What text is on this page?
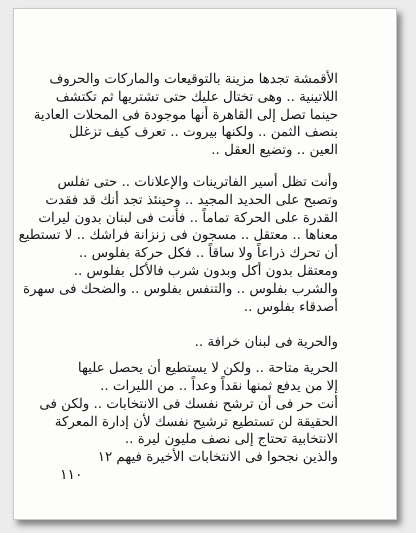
الأقمشة تجدها مزينة بالتوقيعات والماركات والحروف
اللاتينية .. وهى تختال عليك حتى تشتريها ثم تكتشف
حينما تصل إلى القاهرة أنها موجودة فى المحلات العادية
بنصف الثمن .. ولكنها بيروت .. تعرف كيف تزغلل
العين .. وتضيع العقل ..

وأنت تظل أسير الفاترينات والإعلانات .. حتى تفلس
وتصبح على الحديد المجيد .. وحينئذ تجد أنك قد فقدت
القدرة على الحركة تماماً .. فأنت فى لبنان بدون ليرات
معناها .. معتقل .. مسجون فى زنزانة فراشك .. لا تستطيع
أن تحرك ذراعاً ولا ساقاً .. فكل حركة بفلوس ..
ومعتقل بدون أكل وبدون شرب فالأكل بفلوس ..
والشرب بفلوس .. والتنفس بفلوس .. والضحك فى سهرة
أصدقاء بفلوس ..

والحرية فى لبنان خرافة ..

الحرية متاحة .. ولكن لا يستطيع أن يحصل عليها
إلا من يدفع ثمنها نقداً وعداً .. من الليرات ..

أنت حر فى أن ترشح نفسك فى الانتخابات .. ولكن فى
الحقيقة لن تستطيع ترشيح نفسك لأن إدارة المعركة
الانتخابية تحتاج إلى نصف مليون ليرة ..

والذين نجحوا فى الانتخابات الأخيرة فيهم ١٢

١١٠
